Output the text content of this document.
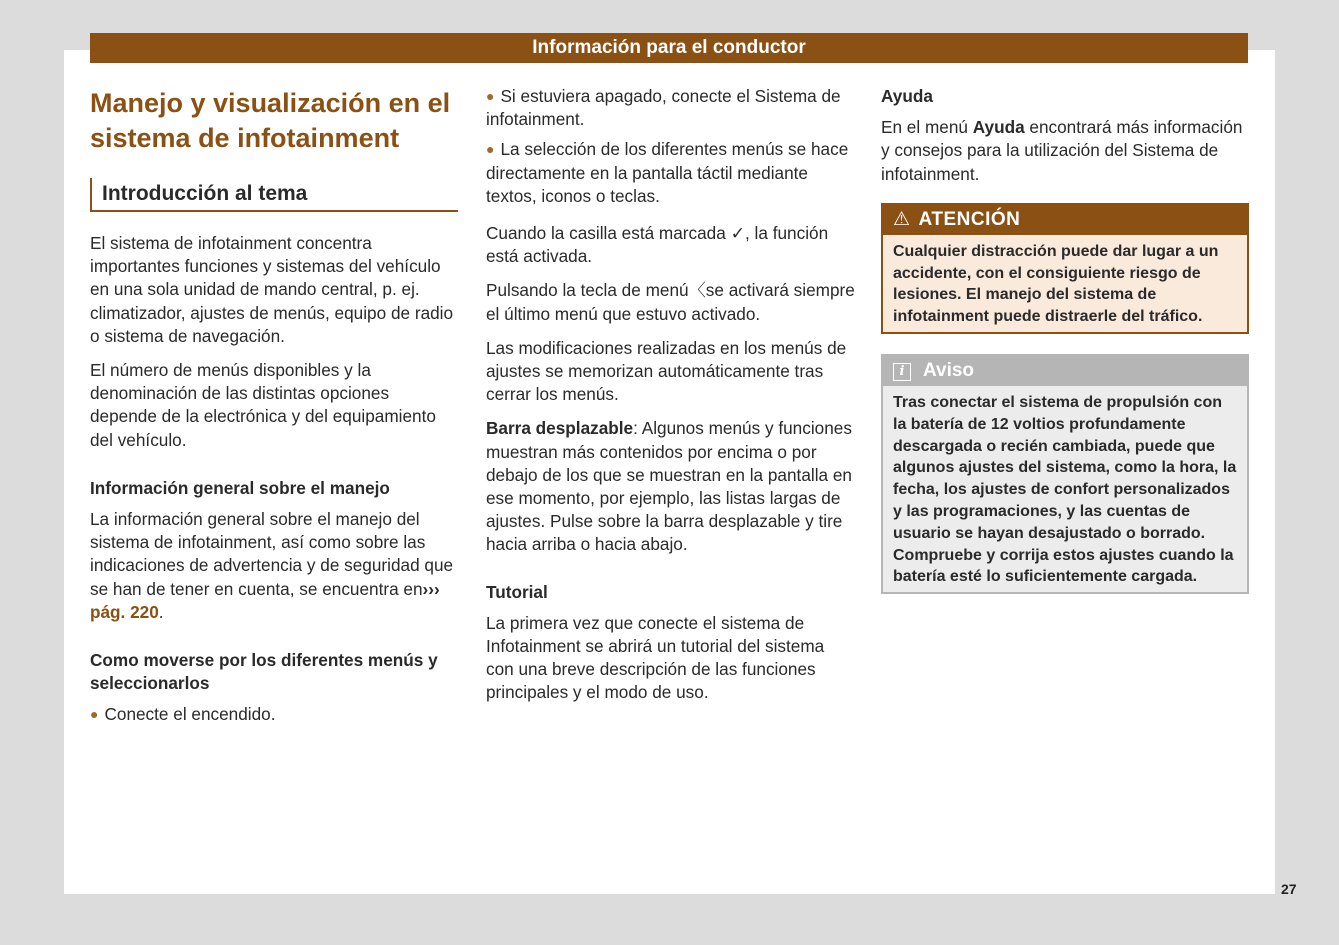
Información para el conductor
Manejo y visualización en el sistema de infotainment
Introducción al tema

El sistema de infotainment concentra importantes funciones y sistemas del vehículo en una sola unidad de mando central, p. ej. climatizador, ajustes de menús, equipo de radio o sistema de navegación.

El número de menús disponibles y la denominación de las distintas opciones depende de la electrónica y del equipamiento del vehículo.

Información general sobre el manejo

La información general sobre el manejo del sistema de infotainment, así como sobre las indicaciones de advertencia y de seguridad que se han de tener en cuenta, se encuentra en››› pág. 220.

Como moverse por los diferentes menús y seleccionarlos
● Conecte el encendido.
● Si estuviera apagado, conecte el Sistema de infotainment.
● La selección de los diferentes menús se hace directamente en la pantalla táctil mediante textos, iconos o teclas.

Cuando la casilla está marcada ✓, la función está activada.

Pulsando la tecla de menú〈se activará siempre el último menú que estuvo activado.

Las modificaciones realizadas en los menús de ajustes se memorizan automáticamente tras cerrar los menús.

Barra desplazable: Algunos menús y funciones muestran más contenidos por encima o por debajo de los que se muestran en la pantalla en ese momento, por ejemplo, las listas largas de ajustes. Pulse sobre la barra desplazable y tire hacia arriba o hacia abajo.

Tutorial

La primera vez que conecte el sistema de Infotainment se abrirá un tutorial del sistema con una breve descripción de las funciones principales y el modo de uso.

Ayuda

En el menú Ayuda encontrará más información y consejos para la utilización del Sistema de infotainment.

⚠ ATENCIÓN
Cualquier distracción puede dar lugar a un accidente, con el consiguiente riesgo de lesiones. El manejo del sistema de infotainment puede distraerle del tráfico.
i Aviso
Tras conectar el sistema de propulsión con la batería de 12 voltios profundamente descargada o recién cambiada, puede que algunos ajustes del sistema, como la hora, la fecha, los ajustes de confort personalizados y las programaciones, y las cuentas de usuario se hayan desajustado o borrado. Compruebe y corrija estos ajustes cuando la batería esté lo suficientemente cargada.
27
